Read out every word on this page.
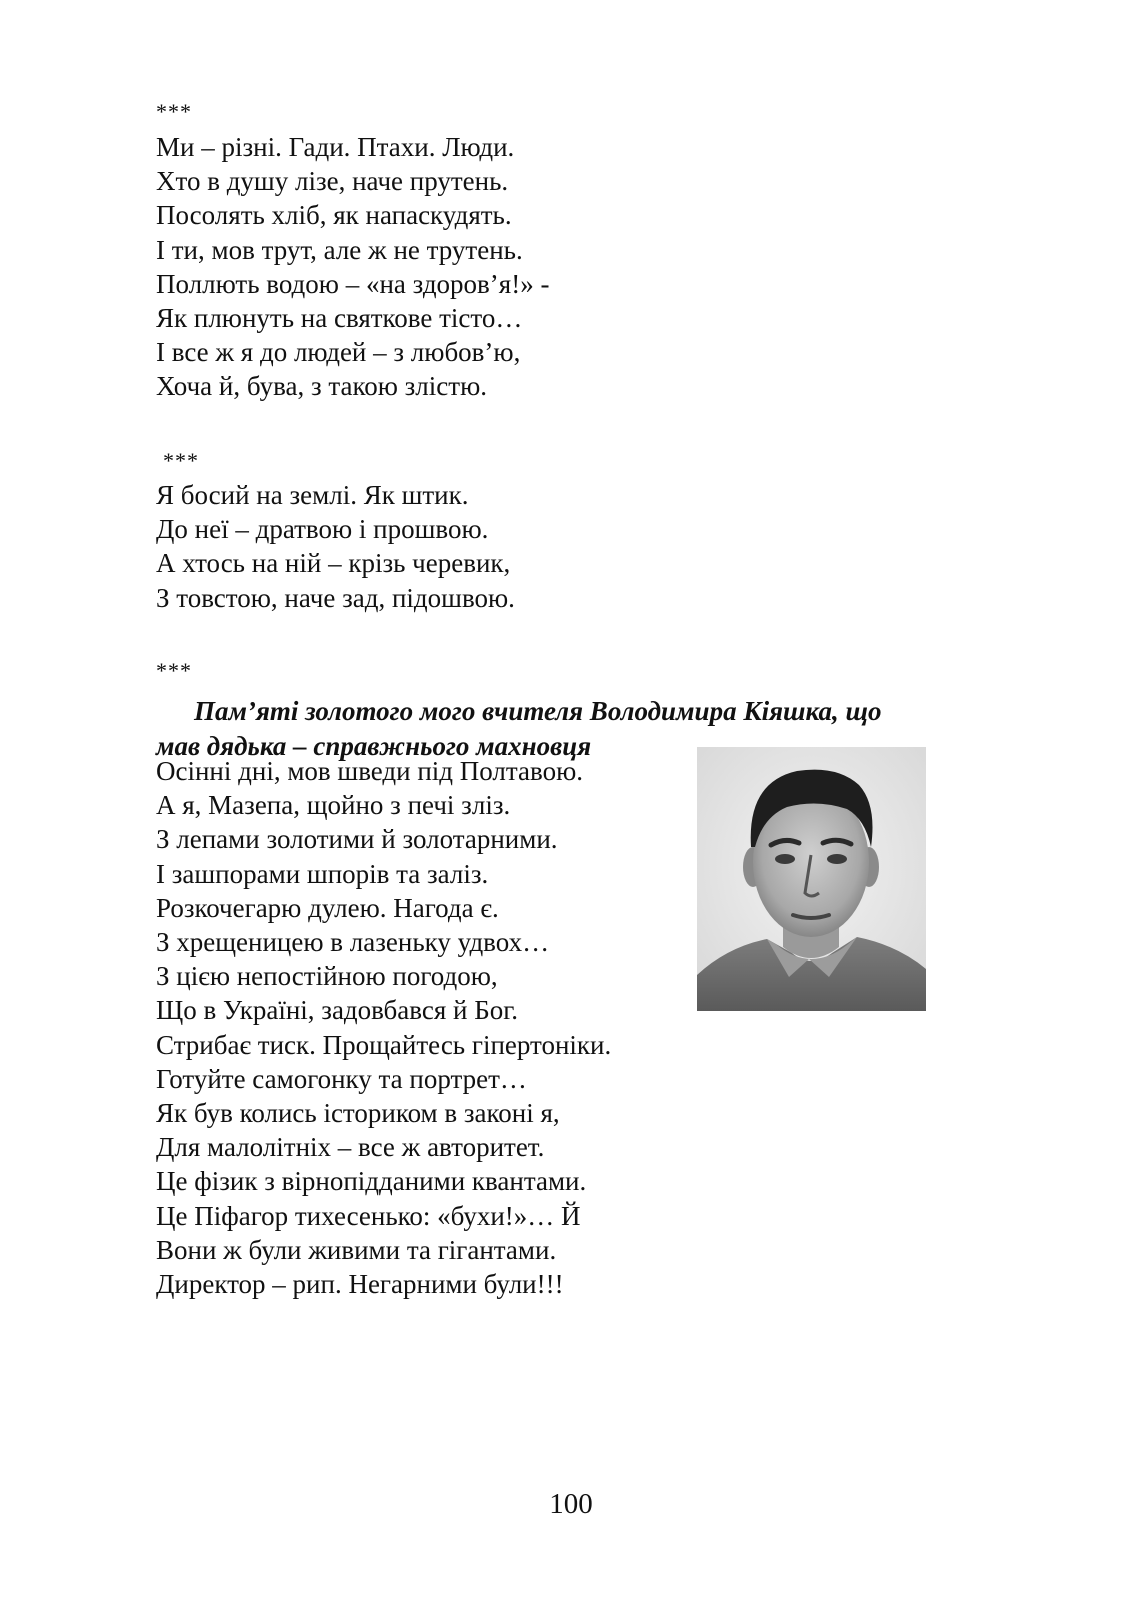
***
Ми – різні. Гади. Птахи. Люди.
Хто в душу лізе, наче прутень.
Посолять хліб, як напаскудять.
І ти, мов трут, але ж не трутень.
Поллють водою – «на здоров’я!» -
Як плюнуть на святкове тісто…
І все ж я до людей – з любов’ю,
Хоча й, бува, з такою злістю.
***
Я босий на землі. Як штик.
До неї – дратвою і прошвою.
А хтось на ній – крізь черевик,
З товстою, наче зад, підошвою.
***
Пам’яті золотого мого вчителя Володимира Кіяшка, що
мав дядька – справжнього махновця
Осінні дні, мов шведи під Полтавою.
А я, Мазепа, щойно з печі зліз.
З лепами золотими й золотарними.
І зашпорами шпорів та заліз.
Розкочегарю дулею. Нагода є.
З хрещеницею в лазеньку удвох…
З цією непостійною погодою,
Що в Україні, задовбався й Бог.
Стрибає тиск. Прощайтесь гіпертоніки.
Готуйте самогонку та портрет…
Як був колись істориком в законі я,
Для малолітніх – все ж авторитет.
Це фізик з вірнопідданими квантами.
Це Піфагор тихесенько: «бухи!»… Й
Вони ж були живими та гігантами.
Директор – рип. Негарними були!!!
100
